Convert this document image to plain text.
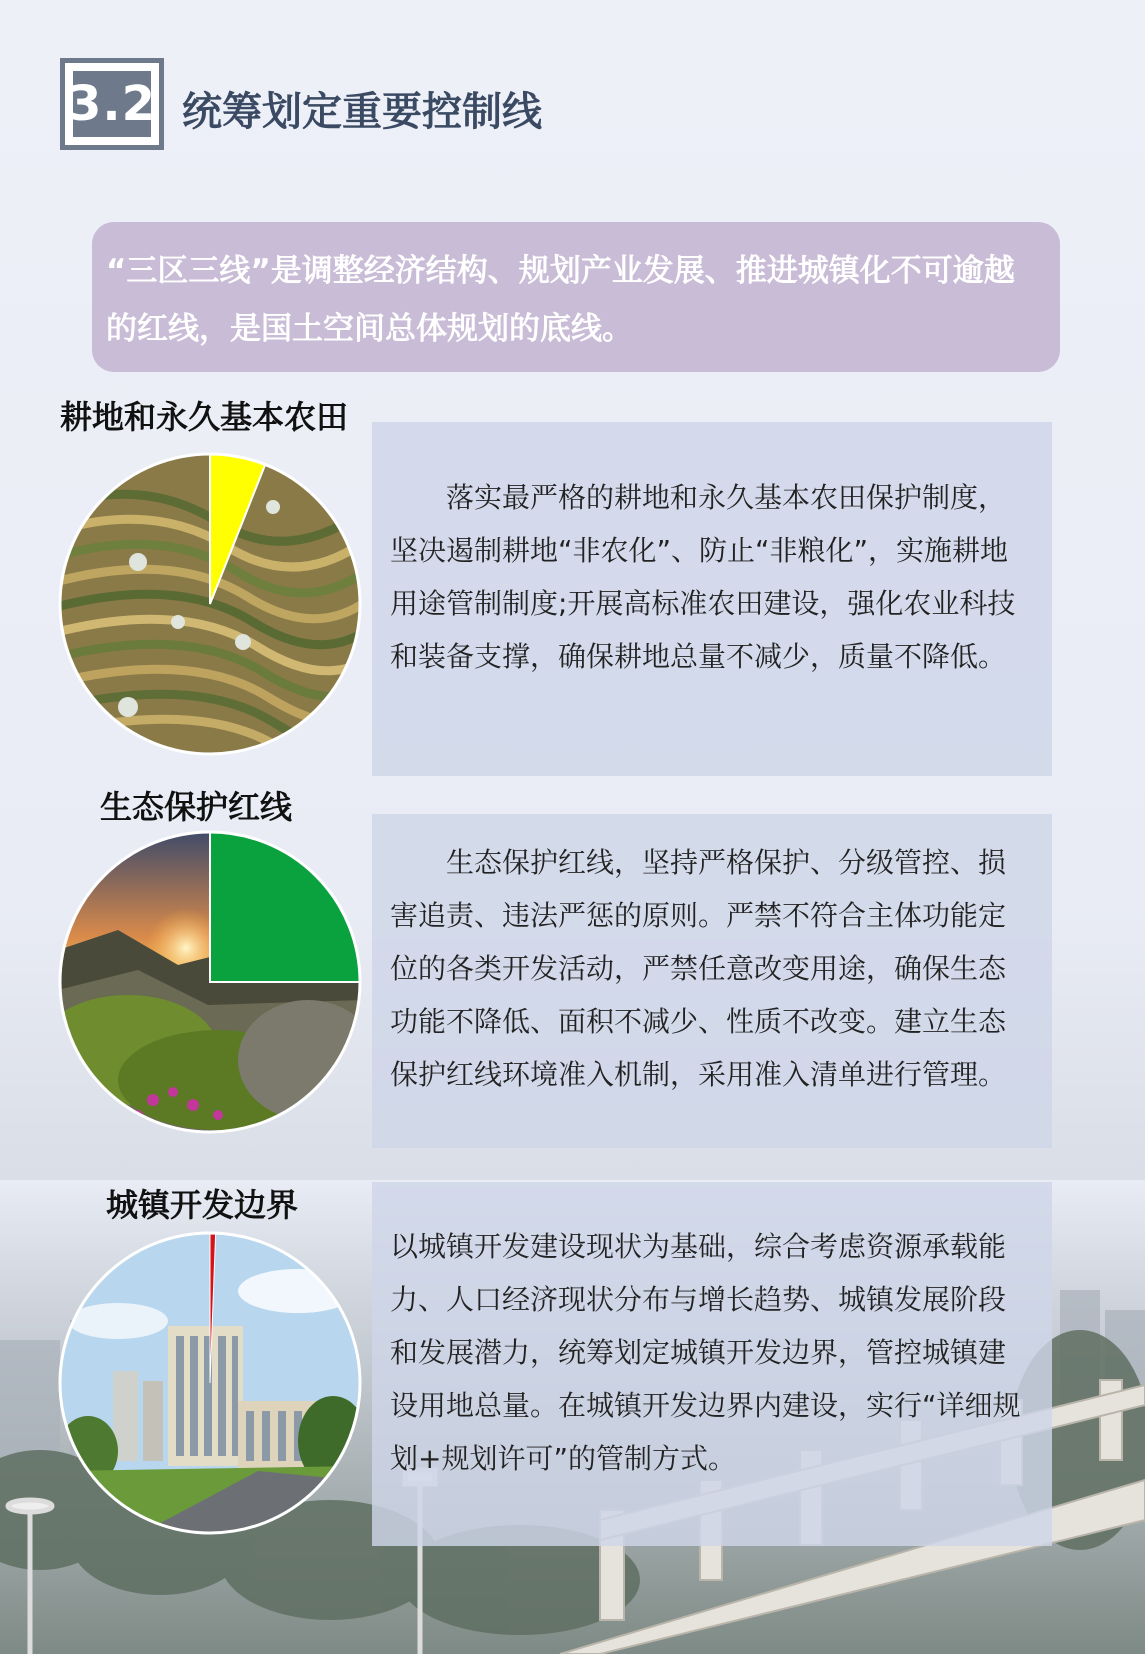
3.2 统筹划定重要控制线
“三区三线”是调整经济结构、规划产业发展、推进城镇化不可逾越的红线，是国土空间总体规划的底线。
耕地和永久基本农田

落实最严格的耕地和永久基本农田保护制度，坚决遏制耕地“非农化”、防止“非粮化”，实施耕地用途管制制度;开展高标准农田建设，强化农业科技和装备支撑，确保耕地总量不减少，质量不降低。

生态保护红线

生态保护红线，坚持严格保护、分级管控、损害追责、违法严惩的原则。严禁不符合主体功能定位的各类开发活动，严禁任意改变用途，确保生态功能不降低、面积不减少、性质不改变。建立生态保护红线环境准入机制，采用准入清单进行管理。

城镇开发边界

以城镇开发建设现状为基础，综合考虑资源承载能力、人口经济现状分布与增长趋势、城镇发展阶段和发展潜力，统筹划定城镇开发边界，管控城镇建设用地总量。在城镇开发边界内建设，实行“详细规划+规划许可”的管制方式。
